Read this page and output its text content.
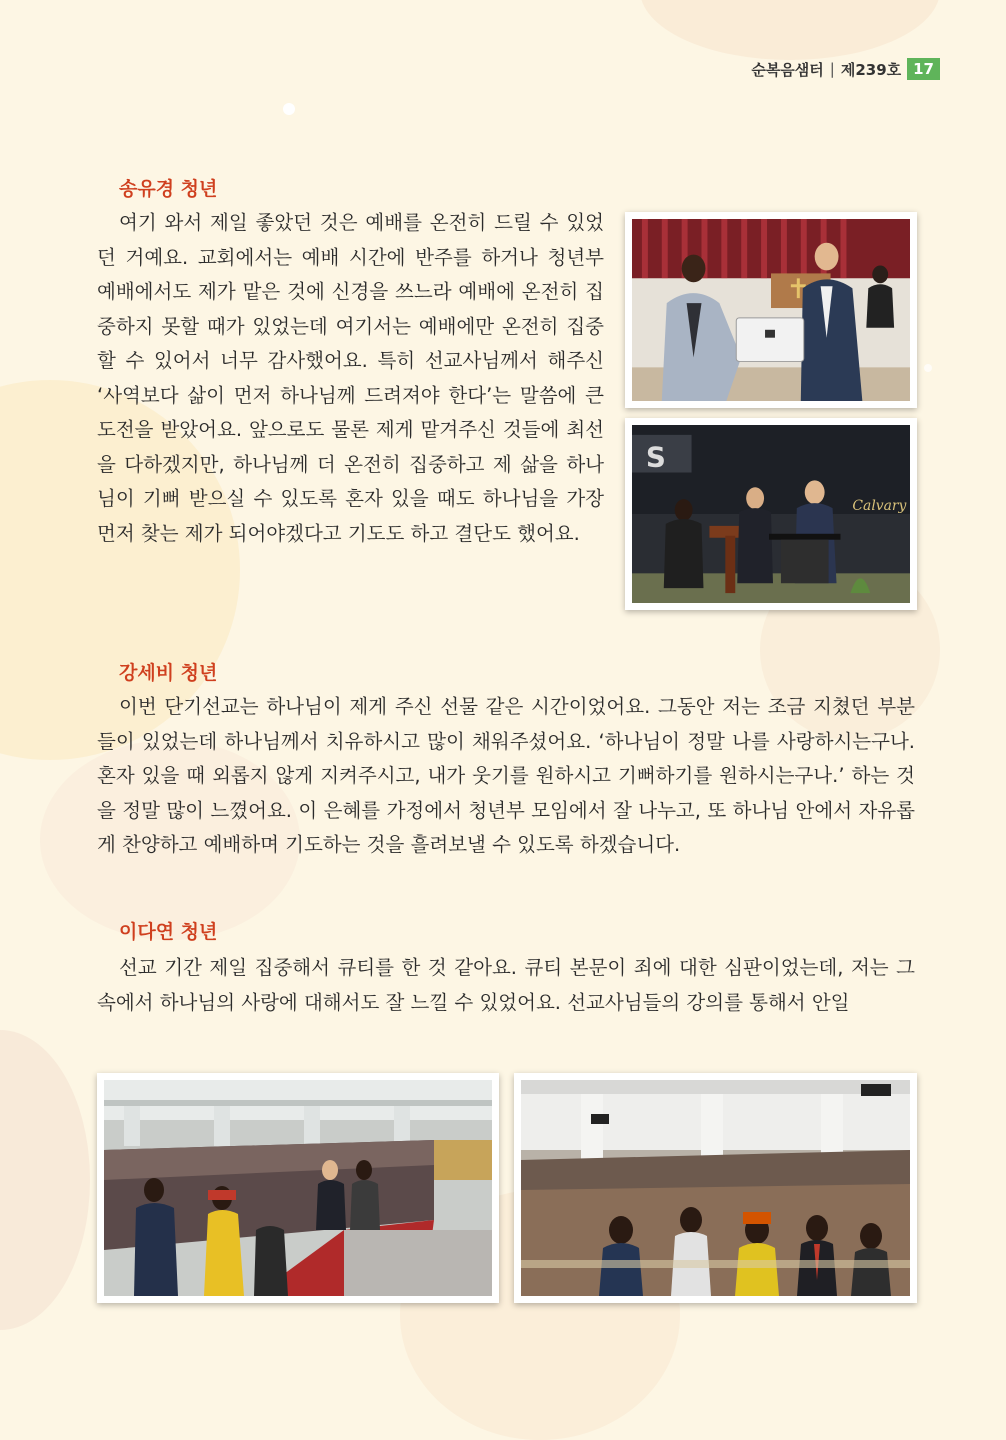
순복음샘터 | 제239호 17
송유경 청년

여기 와서 제일 좋았던 것은 예배를 온전히 드릴 수 있었던 거예요. 교회에서는 예배 시간에 반주를 하거나 청년부 예배에서도 제가 맡은 것에 신경을 쓰느라 예배에 온전히 집중하지 못할 때가 있었는데 여기서는 예배에만 온전히 집중할 수 있어서 너무 감사했어요. 특히 선교사님께서 해주신 ‘사역보다 삶이 먼저 하나님께 드려져야 한다’는 말씀에 큰 도전을 받았어요. 앞으로도 물론 제게 맡겨주신 것들에 최선을 다하겠지만, 하나님께 더 온전히 집중하고 제 삶을 하나님이 기뻐 받으실 수 있도록 혼자 있을 때도 하나님을 가장 먼저 찾는 제가 되어야겠다고 기도도 하고 결단도 했어요.

S
Calvary
강세비 청년

이번 단기선교는 하나님이 제게 주신 선물 같은 시간이었어요. 그동안 저는 조금 지쳤던 부분들이 있었는데 하나님께서 치유하시고 많이 채워주셨어요. ‘하나님이 정말 나를 사랑하시는구나. 혼자 있을 때 외롭지 않게 지켜주시고, 내가 웃기를 원하시고 기뻐하기를 원하시는구나.’ 하는 것을 정말 많이 느꼈어요. 이 은혜를 가정에서 청년부 모임에서 잘 나누고, 또 하나님 안에서 자유롭게 찬양하고 예배하며 기도하는 것을 흘려보낼 수 있도록 하겠습니다.

이다연 청년

선교 기간 제일 집중해서 큐티를 한 것 같아요. 큐티 본문이 죄에 대한 심판이었는데, 저는 그 속에서 하나님의 사랑에 대해서도 잘 느낄 수 있었어요. 선교사님들의 강의를 통해서 안일
